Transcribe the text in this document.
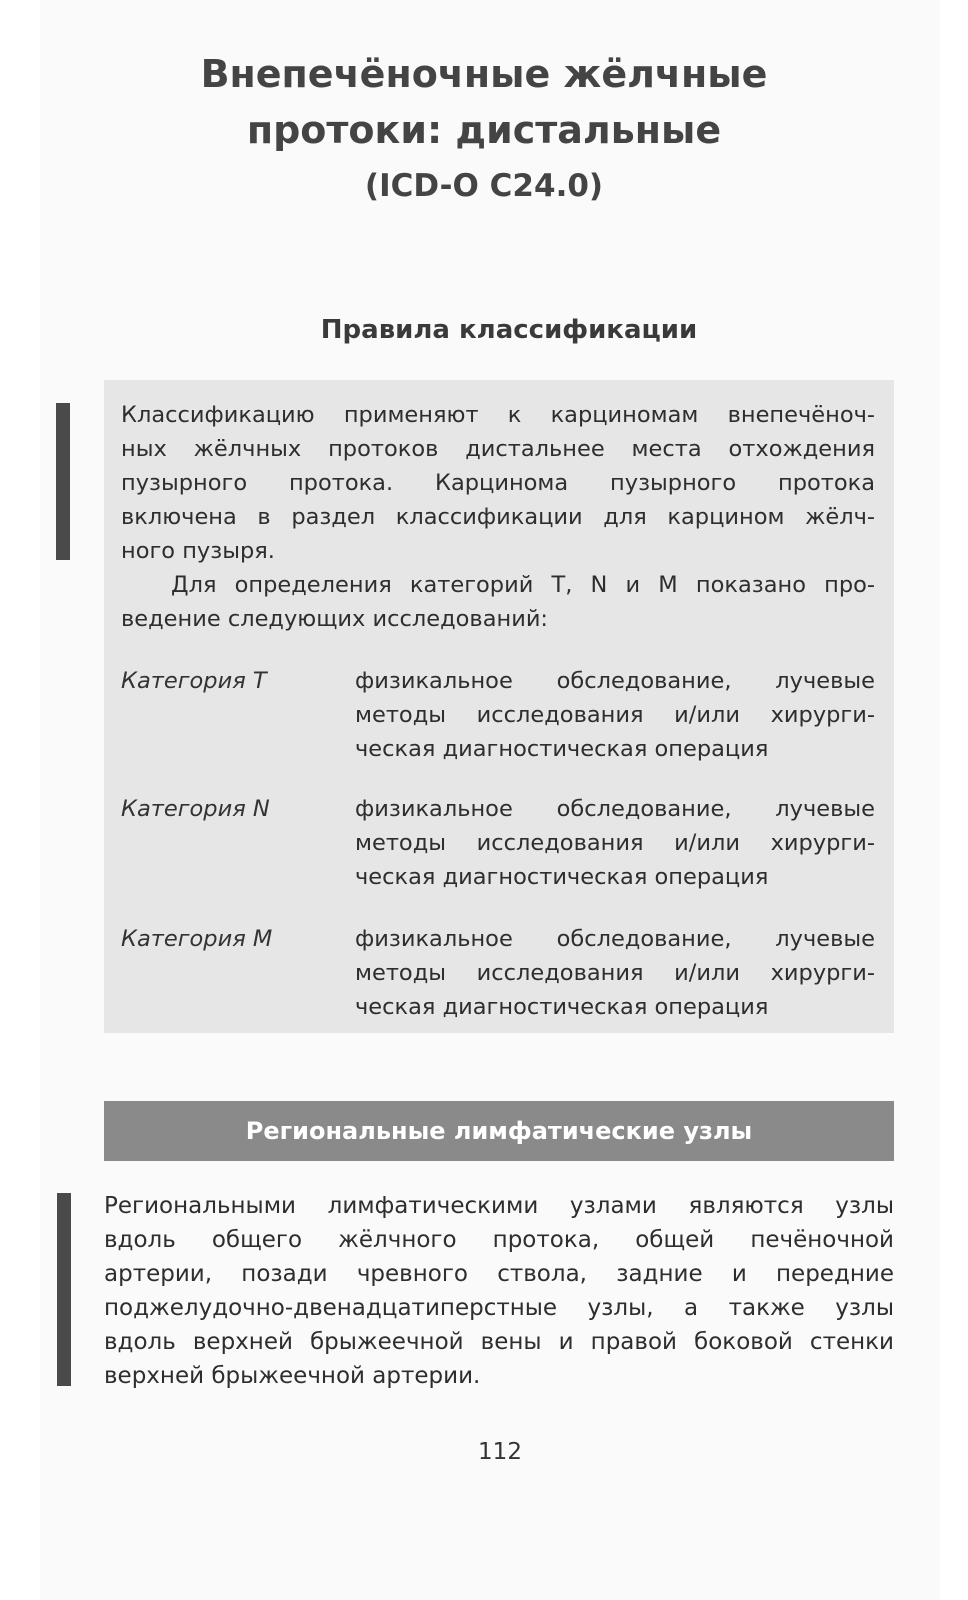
Внепечёночные жёлчные
протоки: дистальные
(ICD-O C24.0)
Правила классификации

Классификацию применяют к карциномам внепечёноч-
ных жёлчных протоков дистальнее места отхождения
пузырного протока. Карцинома пузырного протока
включена в раздел классификации для карцином жёлч-
ного пузыря.

Для определения категорий T, N и M показано про-
ведение следующих исследований:

Категория T	физикальное обследование, лучевые
методы исследования и/или хирурги-
ческая диагностическая операция

Категория N	физикальное обследование, лучевые
методы исследования и/или хирурги-
ческая диагностическая операция

Категория M	физикальное обследование, лучевые
методы исследования и/или хирурги-
ческая диагностическая операция

Региональные лимфатические узлы

Региональными лимфатическими узлами являются узлы
вдоль общего жёлчного протока, общей печёночной
артерии, позади чревного ствола, задние и передние
поджелудочно-двенадцатиперстные узлы, а также узлы
вдоль верхней брыжеечной вены и правой боковой стенки
верхней брыжеечной артерии.

112
